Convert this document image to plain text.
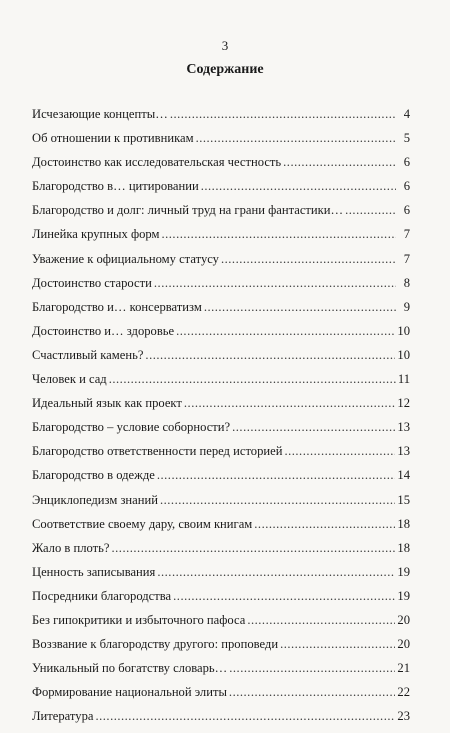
3
Содержание
Исчезающие концепты… .....	4
Об отношении к противникам .....	5
Достоинство как исследовательская честность .....	6
Благородство в… цитировании .....	6
Благородство и долг: личный труд на грани фантастики… .....	6
Линейка крупных форм .....	7
Уважение к официальному статусу .....	7
Достоинство старости .....	8
Благородство и… консерватизм .....	9
Достоинство и… здоровье .....	10
Счастливый камень? .....	10
Человек и сад .....	11
Идеальный язык как проект .....	12
Благородство – условие соборности? .....	13
Благородство ответственности перед историей .....	13
Благородство в одежде .....	14
Энциклопедизм знаний .....	15
Соответствие своему дару, своим книгам .....	18
Жало в плоть? .....	18
Ценность записывания .....	19
Посредники благородства .....	19
Без гипокритики и избыточного пафоса .....	20
Воззвание к благородству другого: проповеди .....	20
Уникальный по богатству словарь… .....	21
Формирование национальной элиты .....	22
Литература .....	23
